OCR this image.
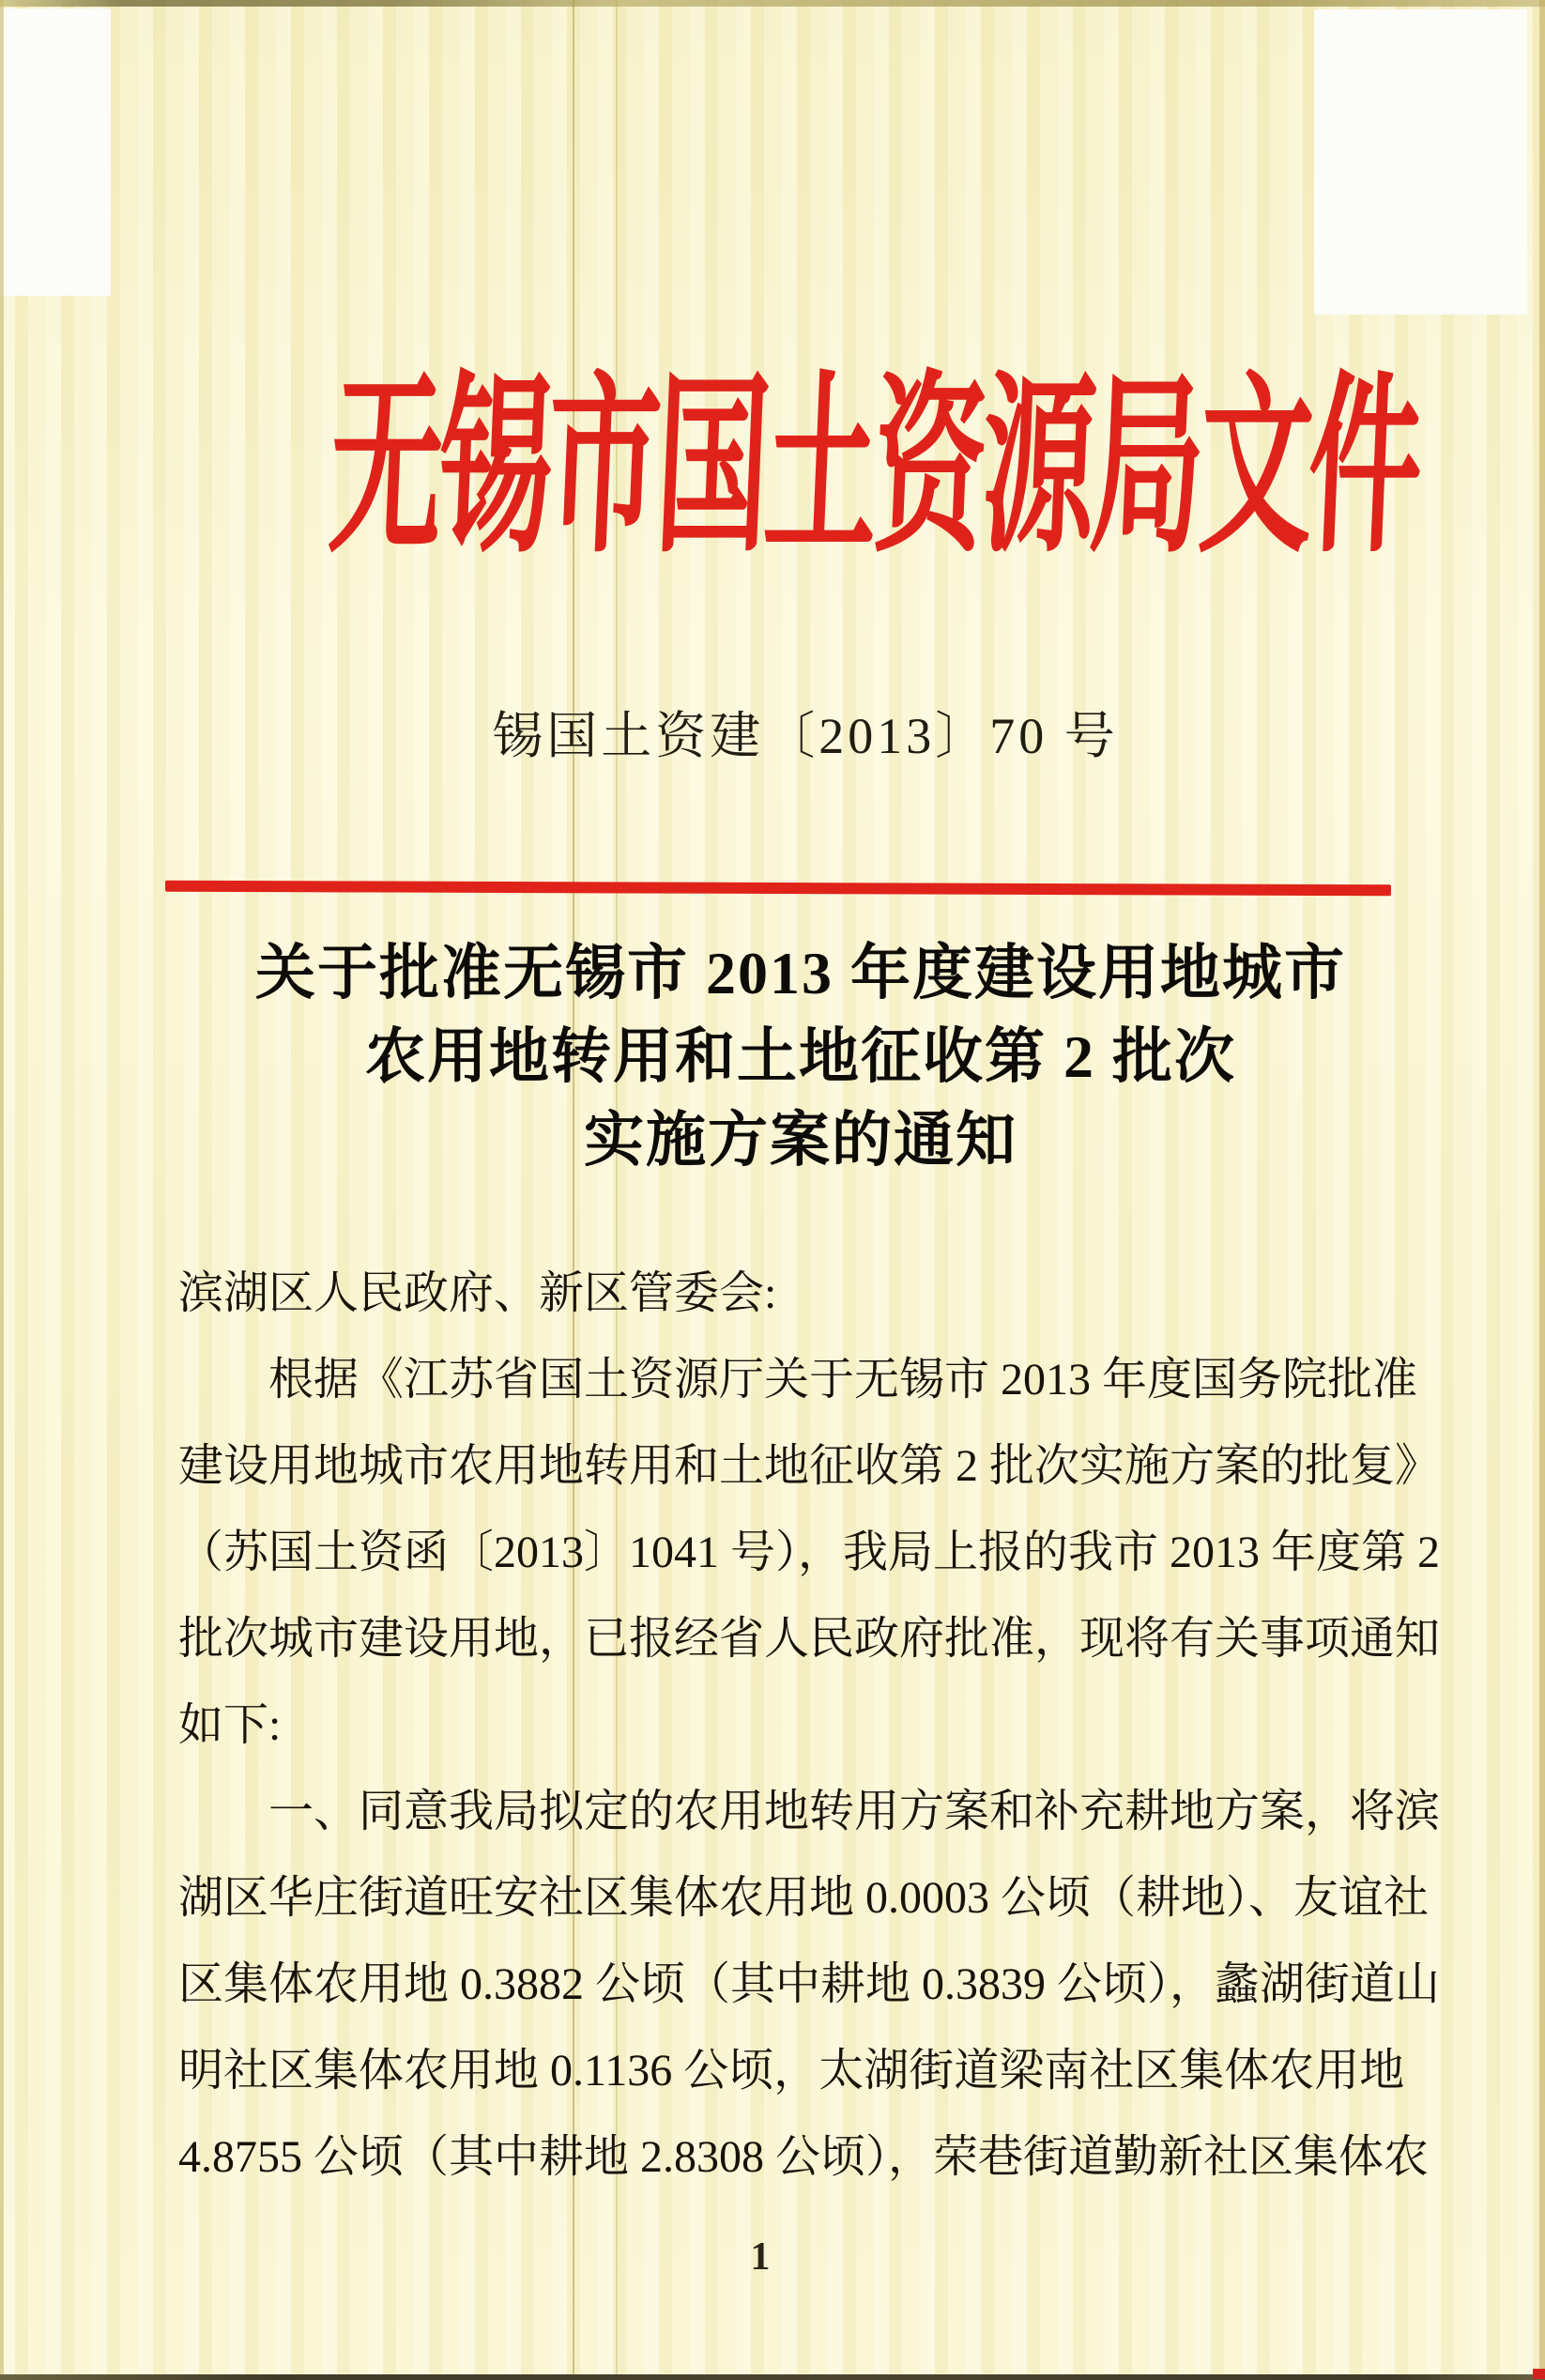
无锡市国土资源局文件
锡国土资建〔2013〕70 号
关于批准无锡市 2013 年度建设用地城市
农用地转用和土地征收第 2 批次
实施方案的通知
滨湖区人民政府、新区管委会:
根据《江苏省国土资源厅关于无锡市 2013 年度国务院批准
建设用地城市农用地转用和土地征收第 2 批次实施方案的批复》
（苏国土资函〔2013〕1041 号），我局上报的我市 2013 年度第 2
批次城市建设用地，已报经省人民政府批准，现将有关事项通知
如下:
一、同意我局拟定的农用地转用方案和补充耕地方案，将滨
湖区华庄街道旺安社区集体农用地 0.0003 公顷（耕地）、友谊社
区集体农用地 0.3882 公顷（其中耕地 0.3839 公顷），蠡湖街道山
明社区集体农用地 0.1136 公顷，太湖街道梁南社区集体农用地
4.8755 公顷（其中耕地 2.8308 公顷），荣巷街道勤新社区集体农
1
